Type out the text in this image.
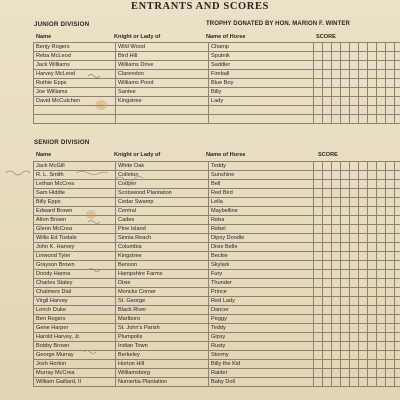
ENTRANTS AND SCORES
JUNIOR DIVISION	TROPHY DONATED BY HON. MARION F. WINTER
Name	Knight or Lady of	Name of Horse	SCORE
Benjy Rogers	Wild Wood	Champ										
Reba McLeod	Bird Hill	Sputnik										
Jack Williams	Williams Drive	Saddler										
Harvey McLeod	Clarendon	Fireball										
Ruthie Epps	Williams Pond	Blue Boy										
Joe Williams	Santee	Billy										
David McCutchen	Kingstree	Lady										

SENIOR DIVISION
Name	Knight or Lady of	Name of Horse	SCORE
Jack McGill	White Oak	Teddy										
R. L. Smith	Colleton	Sunshine										
Lethan McCrea	Cooper	Bell										
Sam Hiddle	Scotswood Plantation	Red Bird										
Billy Epps	Cedar Swamp	Lella										
Edward Brown	Central	Maybelline										
Alton Brown	Cades	Reba										
Glenn McCrea	Pine Island	Rebel										
Willis Ed Tisdale	Sinnia Reach	Dipsy Doodle										
John K. Harvey	Columbia	Dixie Belle										
Linwood Tyler	Kingstree	Beckie										
Grayson Brown	Benson	Skylark										
Doody Hanna	Hampshire Farms	Fury										
Charles Staley	Dixie	Thunder										
Chalmers Dial	Moncks Corner	Prince										
Virgil Harvey	St. George	Red Lady										
Lonch Duke	Black River	Dancer										
Ben Rogers	Marlboro	Peggy										
Gene Harper	St. John's Parish	Teddy										
Harold Harvey, Jr.	Plumpolis	Gipsy										
Bobby Brown	Indian Town	Rusty										
George Murray	Berkeley	Stormy										
Josh Horton	Horton Hill	Billy the Kid										
Murray McCrea	Williamsborg	Raider										
William Gaillard, II	Numertia Plantation	Baby Doll										
